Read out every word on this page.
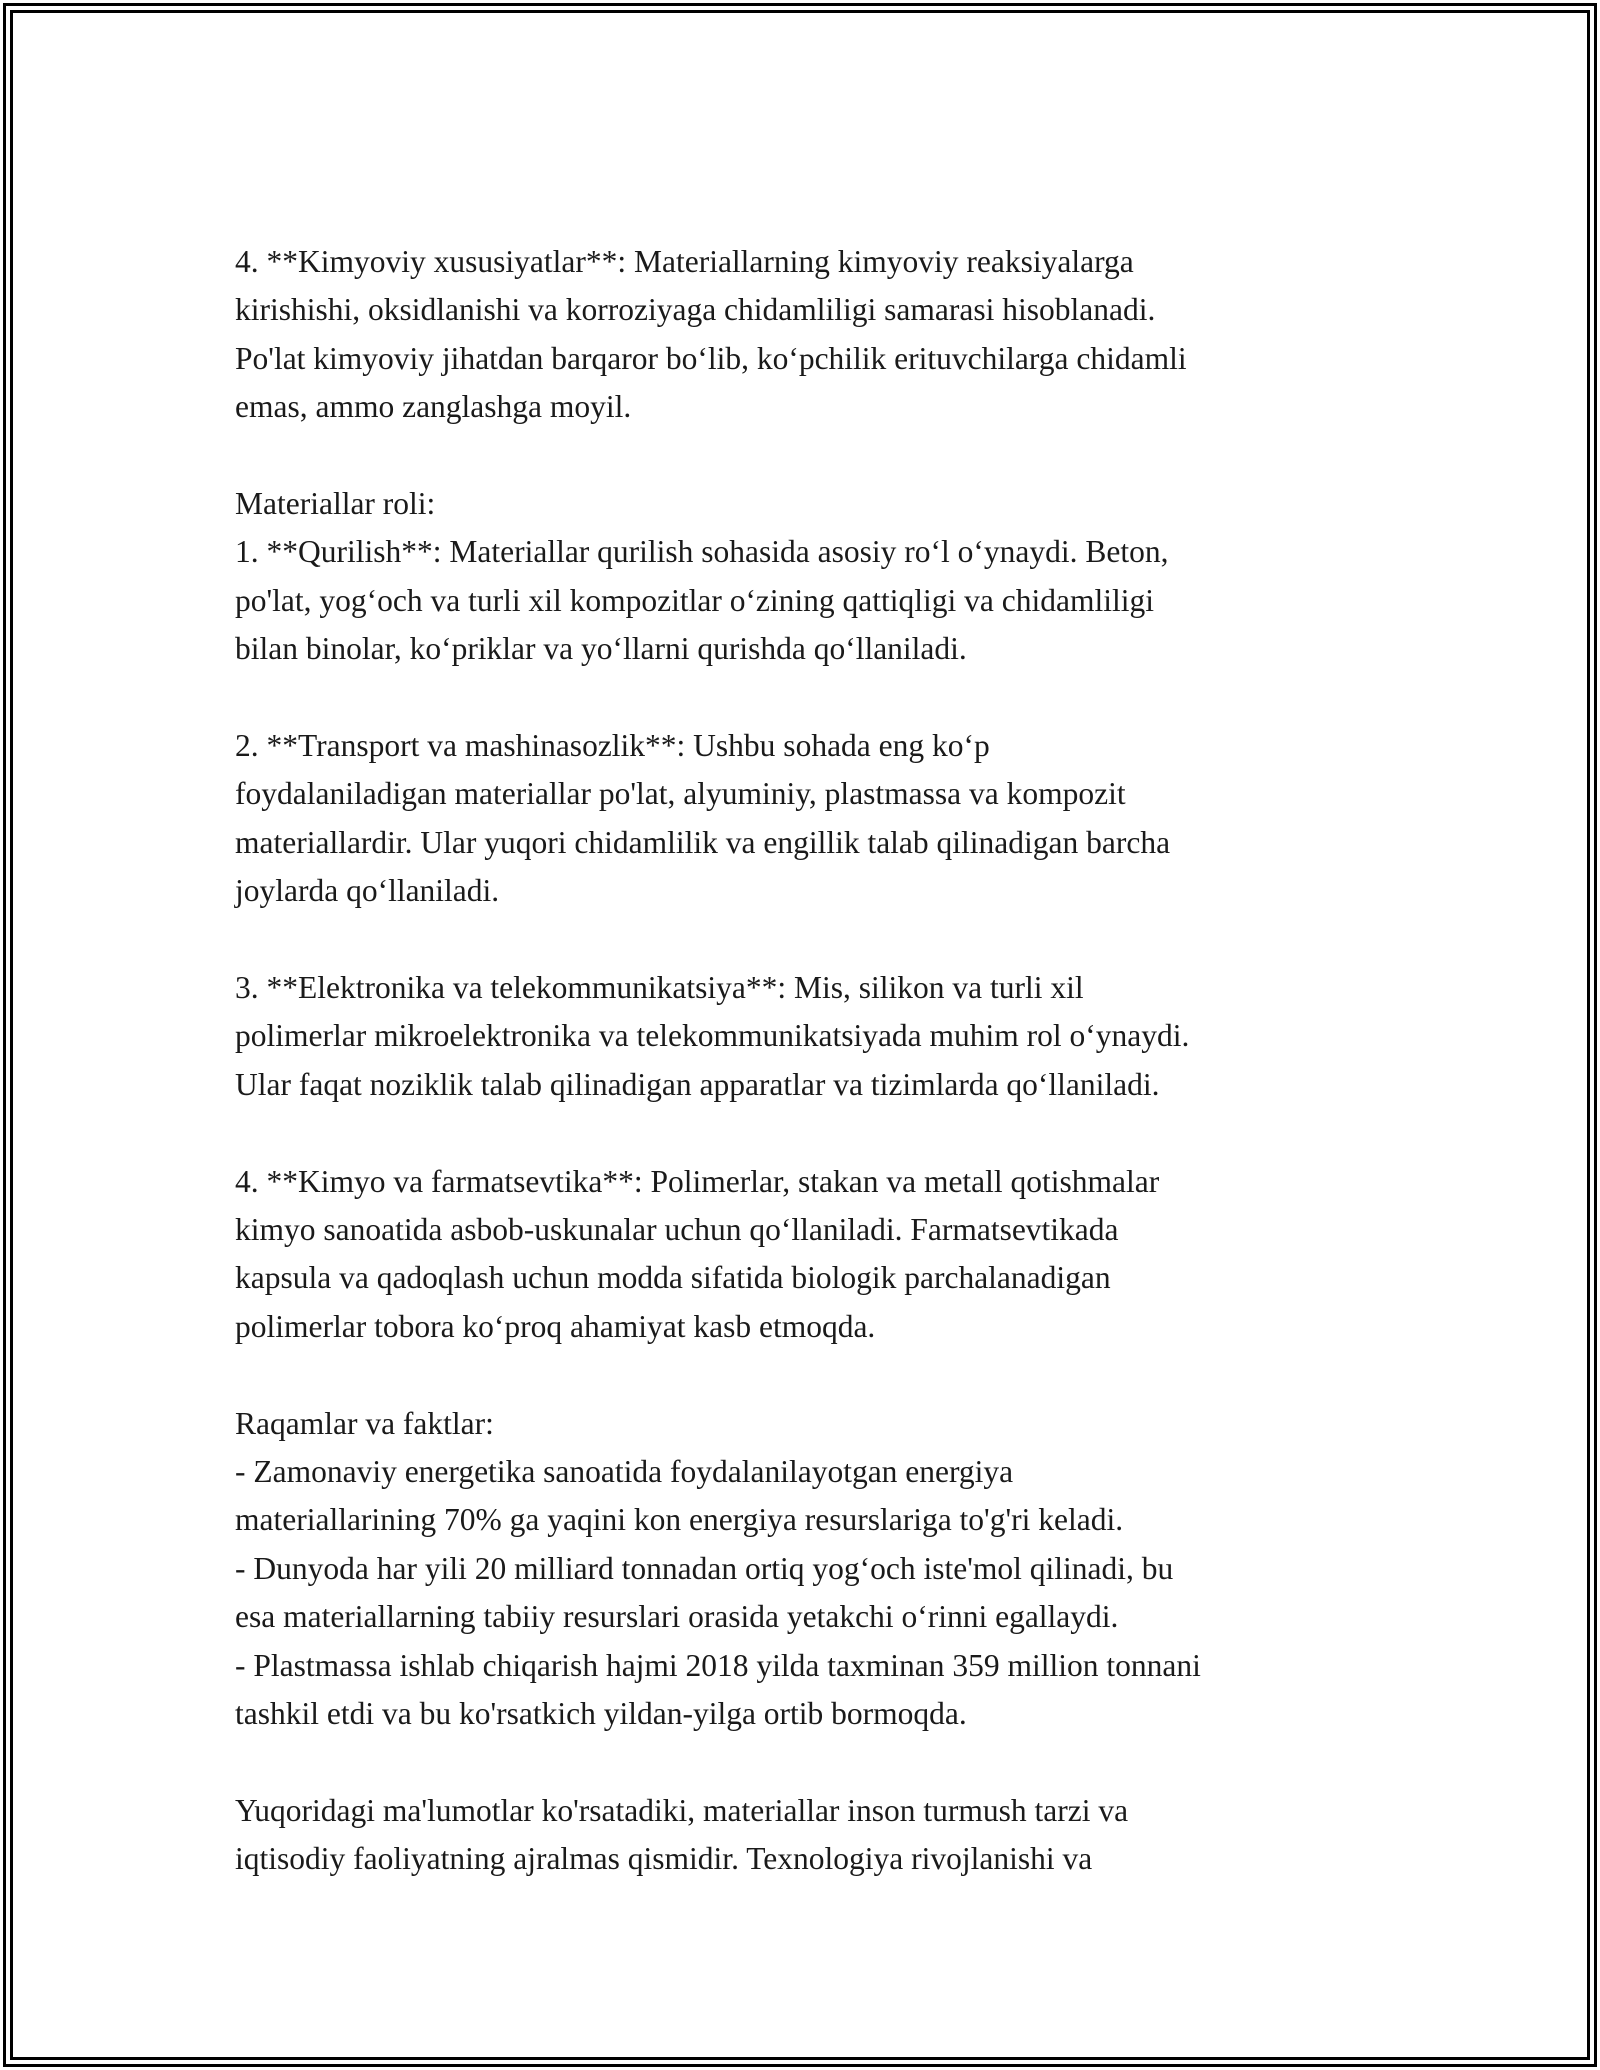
4. **Kimyoviy xususiyatlar**: Materiallarning kimyoviy reaksiyalarga
kirishishi, oksidlanishi va korroziyaga chidamliligi samarasi hisoblanadi.
Po'lat kimyoviy jihatdan barqaror boʻlib, koʻpchilik erituvchilarga chidamli
emas, ammo zanglashga moyil.

Materiallar roli:
1. **Qurilish**: Materiallar qurilish sohasida asosiy roʻl oʻynaydi. Beton,
po'lat, yogʻoch va turli xil kompozitlar oʻzining qattiqligi va chidamliligi
bilan binolar, koʻpriklar va yoʻllarni qurishda qoʻllaniladi.

2. **Transport va mashinasozlik**: Ushbu sohada eng koʻp
foydalaniladigan materiallar po'lat, alyuminiy, plastmassa va kompozit
materiallardir. Ular yuqori chidamlilik va engillik talab qilinadigan barcha
joylarda qoʻllaniladi.

3. **Elektronika va telekommunikatsiya**: Mis, silikon va turli xil
polimerlar mikroelektronika va telekommunikatsiyada muhim rol oʻynaydi.
Ular faqat noziklik talab qilinadigan apparatlar va tizimlarda qoʻllaniladi.

4. **Kimyo va farmatsevtika**: Polimerlar, stakan va metall qotishmalar
kimyo sanoatida asbob-uskunalar uchun qoʻllaniladi. Farmatsevtikada
kapsula va qadoqlash uchun modda sifatida biologik parchalanadigan
polimerlar tobora koʻproq ahamiyat kasb etmoqda.

Raqamlar va faktlar:
- Zamonaviy energetika sanoatida foydalanilayotgan energiya
materiallarining 70% ga yaqini kon energiya resurslariga to'g'ri keladi.
- Dunyoda har yili 20 milliard tonnadan ortiq yogʻoch iste'mol qilinadi, bu
esa materiallarning tabiiy resurslari orasida yetakchi oʻrinni egallaydi.
- Plastmassa ishlab chiqarish hajmi 2018 yilda taxminan 359 million tonnani
tashkil etdi va bu ko'rsatkich yildan-yilga ortib bormoqda.

Yuqoridagi ma'lumotlar ko'rsatadiki, materiallar inson turmush tarzi va
iqtisodiy faoliyatning ajralmas qismidir. Texnologiya rivojlanishi va
